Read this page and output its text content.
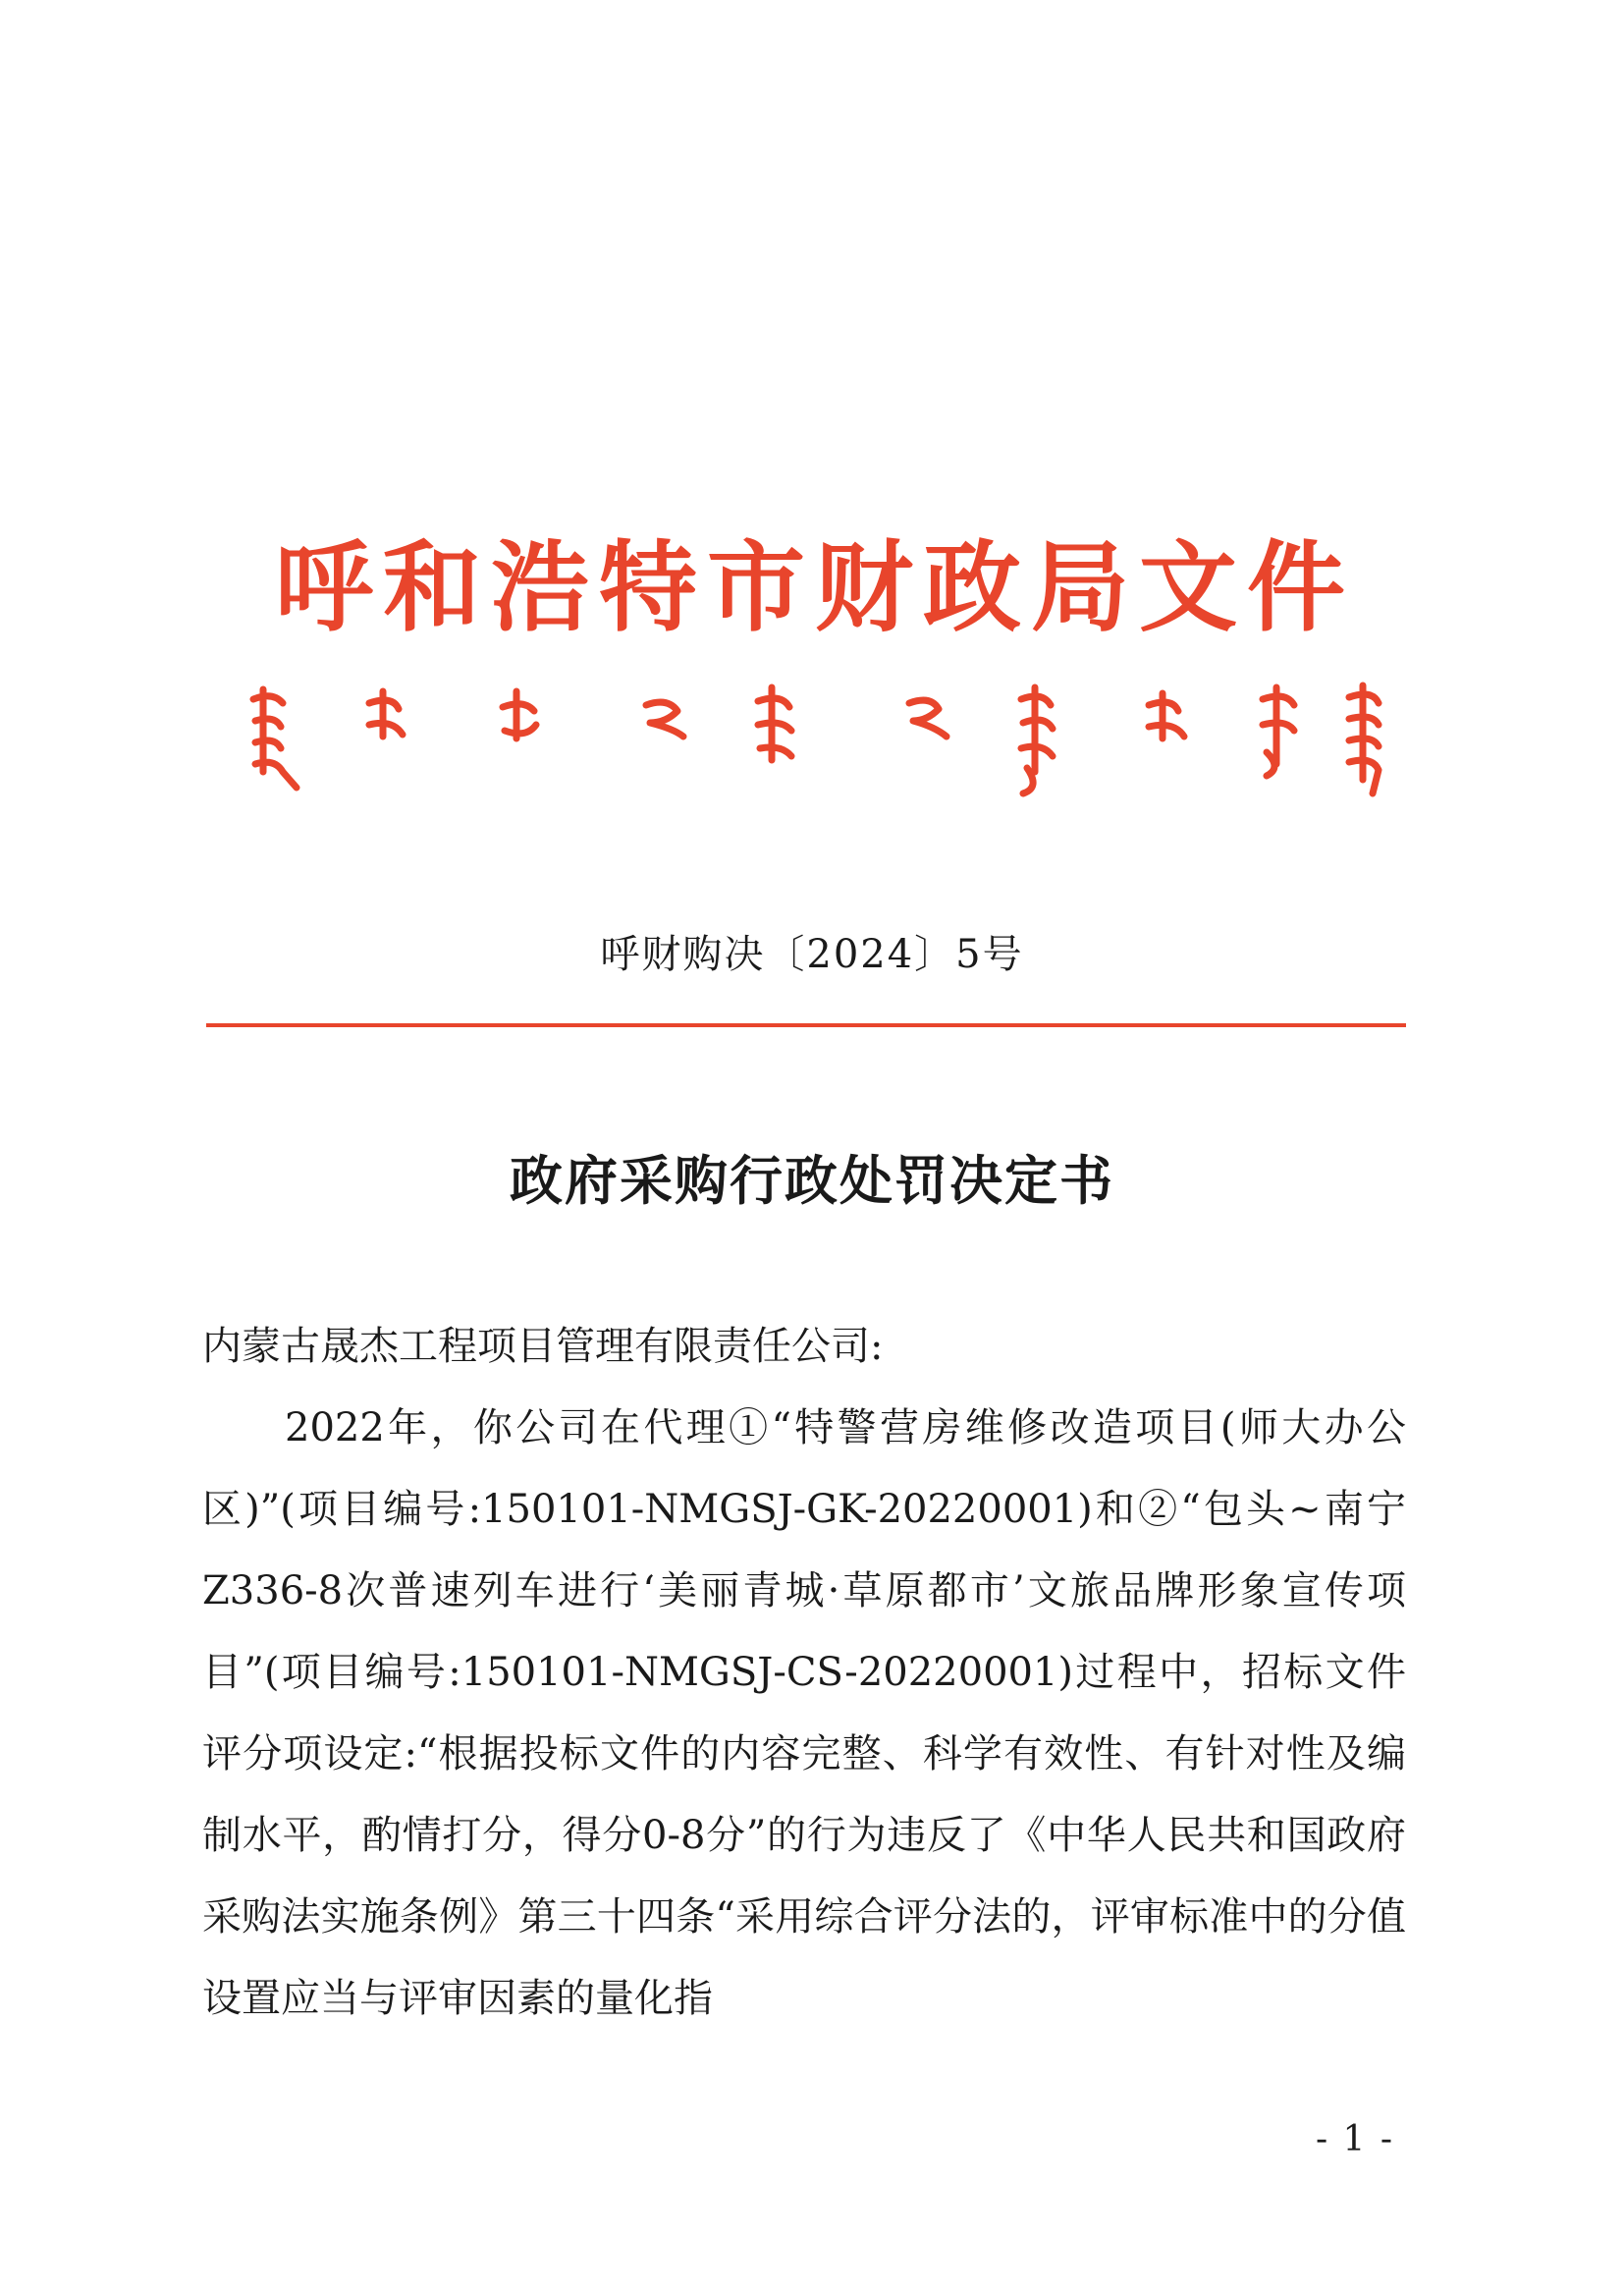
呼和浩特市财政局文件
呼财购决〔2024〕5号
政府采购行政处罚决定书

内蒙古晟杰工程项目管理有限责任公司:

2022年，你公司在代理①“特警营房维修改造项目(师大办公区)”(项目编号:150101-NMGSJ-GK-20220001)和②“包头~南宁Z336-8次普速列车进行‘美丽青城·草原都市’文旅品牌形象宣传项目”(项目编号:150101-NMGSJ-CS-20220001)过程中，招标文件评分项设定:“根据投标文件的内容完整、科学有效性、有针对性及编制水平，酌情打分，得分0-8分”的行为违反了《中华人民共和国政府采购法实施条例》第三十四条“采用综合评分法的，评审标准中的分值设置应当与评审因素的量化指

- 1 -
